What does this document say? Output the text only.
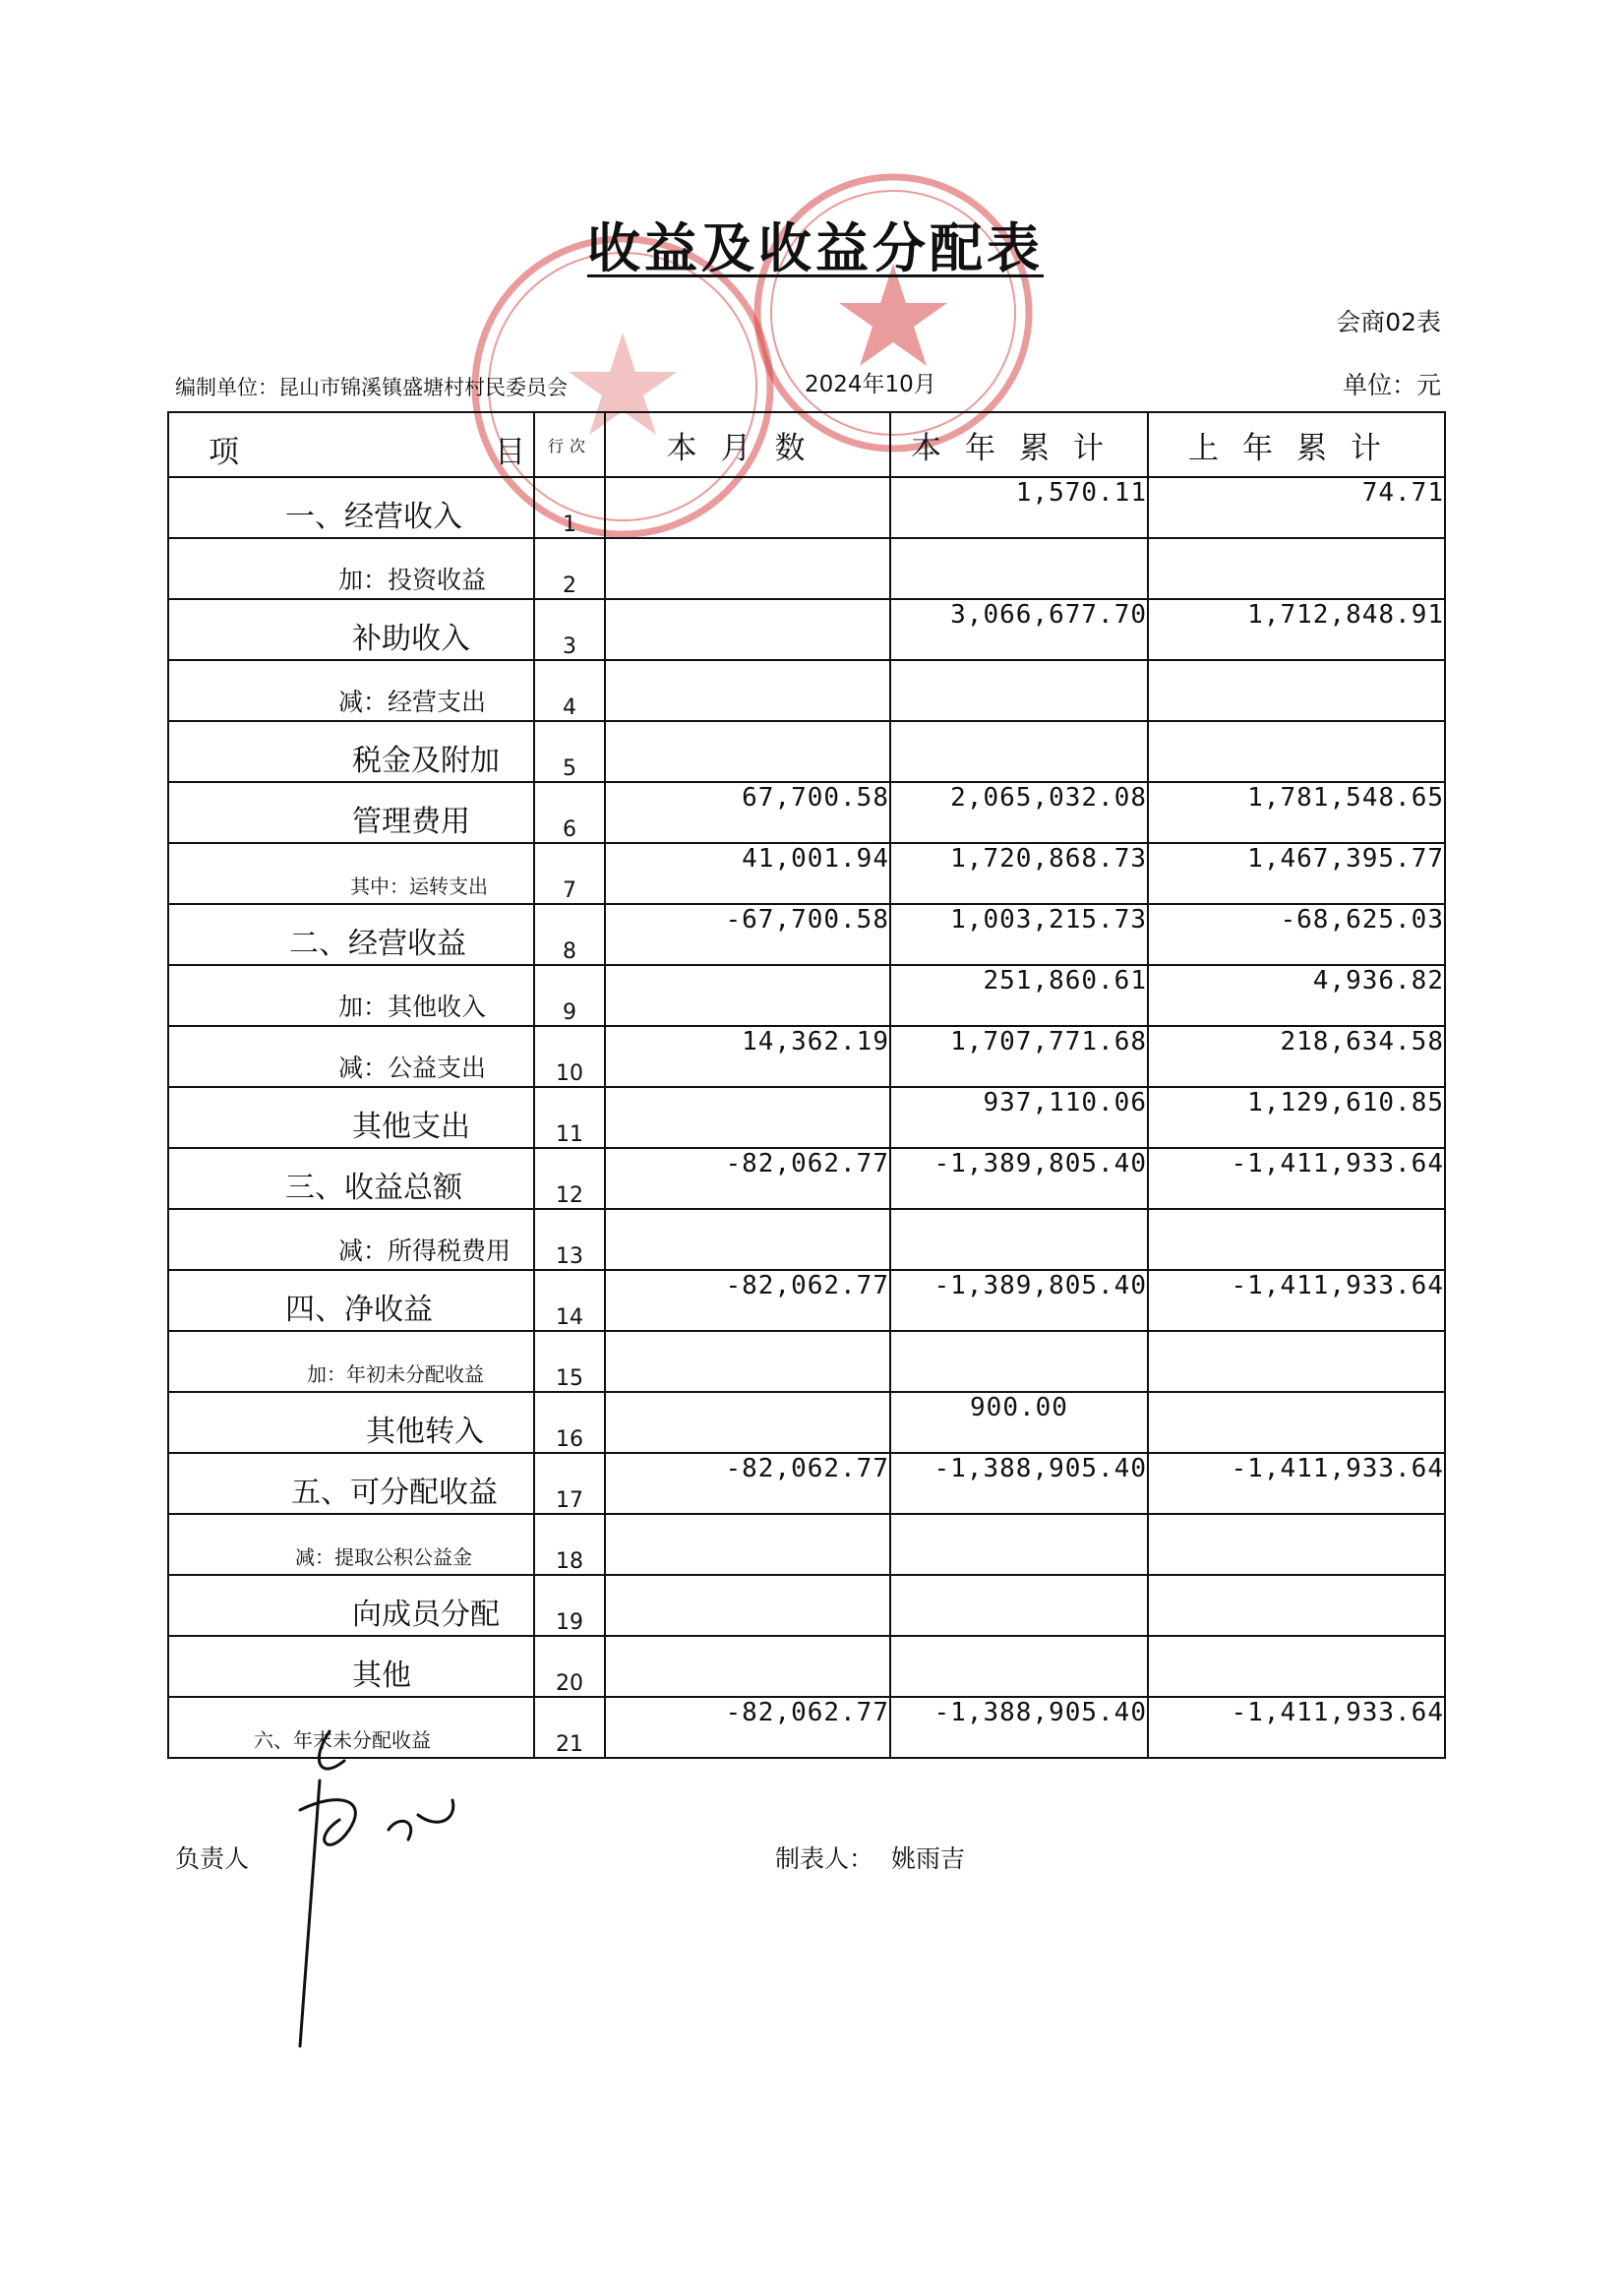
收益及收益分配表
会商02表
编制单位：昆山市锦溪镇盛塘村村民委员会	2024年10月	单位：元
项 目	行次	本月数	本年累计	上年累计

一、经营收入	1		1,570.11	74.71

加：投资收益	2			

补助收入	3		3,066,677.70	1,712,848.91

减：经营支出	4			

税金及附加	5			

管理费用	6	67,700.58	2,065,032.08	1,781,548.65

其中：运转支出	7	41,001.94	1,720,868.73	1,467,395.77

二、经营收益	8	-67,700.58	1,003,215.73	-68,625.03

加：其他收入	9		251,860.61	4,936.82

减：公益支出	10	14,362.19	1,707,771.68	218,634.58

其他支出	11		937,110.06	1,129,610.85

三、收益总额	12	-82,062.77	-1,389,805.40	-1,411,933.64

减：所得税费用	13			

四、净收益	14	-82,062.77	-1,389,805.40	-1,411,933.64

加：年初未分配收益	15			

其他转入	16		900.00	

五、可分配收益	17	-82,062.77	-1,388,905.40	-1,411,933.64

减：提取公积公益金	18			

向成员分配	19			

其他	20			

六、年末未分配收益	21	-82,062.77	-1,388,905.40	-1,411,933.64
负责人	制表人： 姚雨吉
